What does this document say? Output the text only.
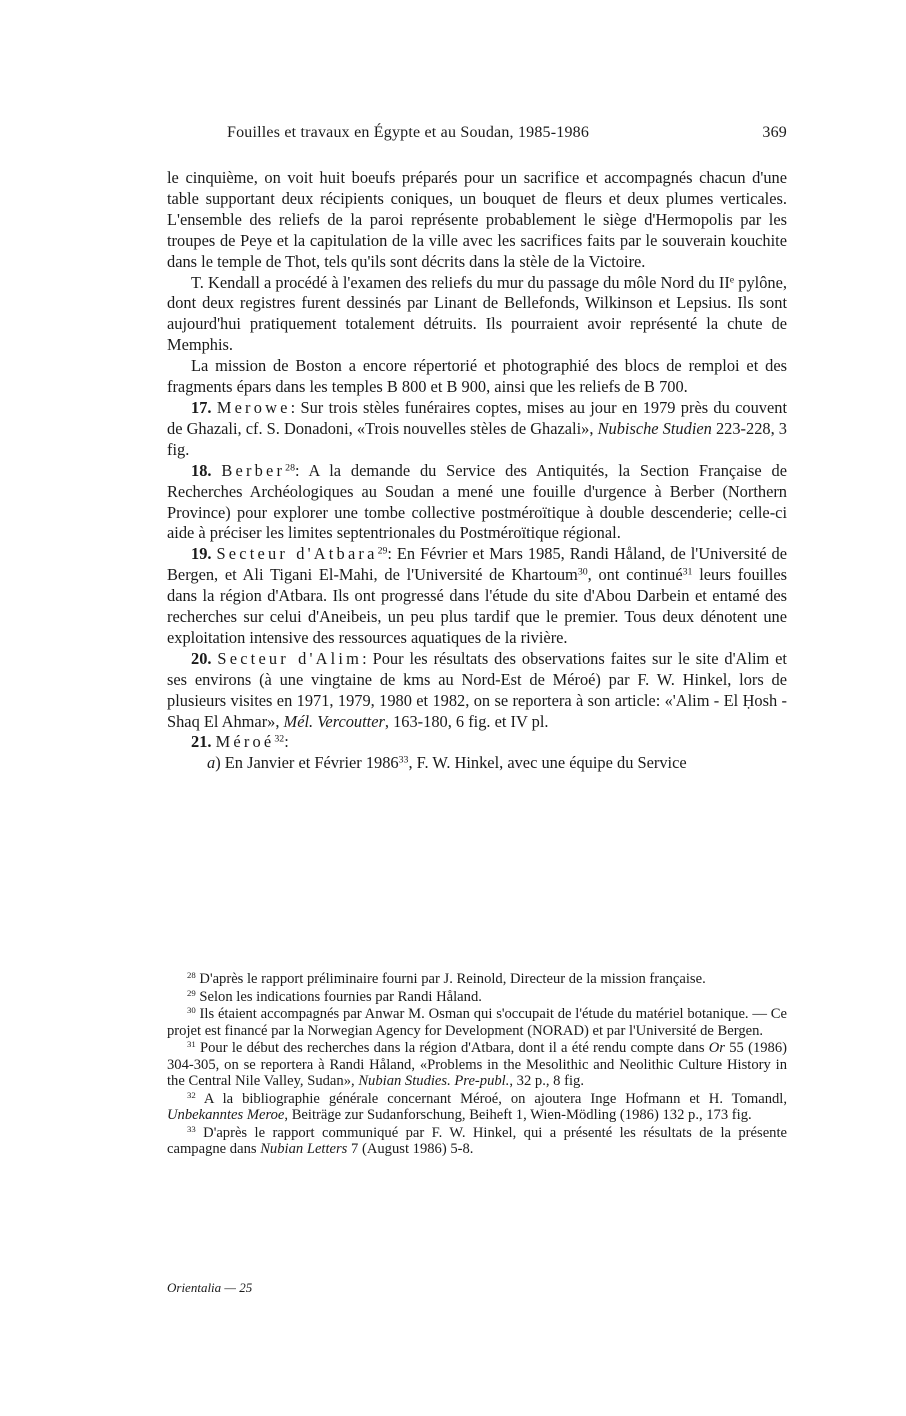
Fouilles et travaux en Égypte et au Soudan, 1985-1986	369

le cinquième, on voit huit boeufs préparés pour un sacrifice et accompagnés chacun d'une table supportant deux récipients coniques, un bouquet de fleurs et deux plumes verticales. L'ensemble des reliefs de la paroi représente probablement le siège d'Hermopolis par les troupes de Peye et la capitulation de la ville avec les sacrifices faits par le souverain kouchite dans le temple de Thot, tels qu'ils sont décrits dans la stèle de la Victoire.

T. Kendall a procédé à l'examen des reliefs du mur du passage du môle Nord du IIe pylône, dont deux registres furent dessinés par Linant de Bellefonds, Wilkinson et Lepsius. Ils sont aujourd'hui pratiquement totalement détruits. Ils pourraient avoir représenté la chute de Memphis.

La mission de Boston a encore répertorié et photographié des blocs de remploi et des fragments épars dans les temples B 800 et B 900, ainsi que les reliefs de B 700.

17. Merowe: Sur trois stèles funéraires coptes, mises au jour en 1979 près du couvent de Ghazali, cf. S. Donadoni, «Trois nouvelles stèles de Ghazali», Nubische Studien 223-228, 3 fig.

18. Berber$^{28}$: A la demande du Service des Antiquités, la Section Française de Recherches Archéologiques au Soudan a mené une fouille d'urgence à Berber (Northern Province) pour explorer une tombe collective postméroïtique à double descenderie; celle-ci aide à préciser les limites septentrionales du Postméroïtique régional.

19. Secteur d'Atbara$^{29}$: En Février et Mars 1985, Randi Håland, de l'Université de Bergen, et Ali Tigani El-Mahi, de l'Université de Khartoum$^{30}$, ont continué$^{31}$ leurs fouilles dans la région d'Atbara. Ils ont progressé dans l'étude du site d'Abou Darbein et entamé des recherches sur celui d'Aneibeis, un peu plus tardif que le premier. Tous deux dénotent une exploitation intensive des ressources aquatiques de la rivière.

20. Secteur d'Alim: Pour les résultats des observations faites sur le site d'Alim et ses environs (à une vingtaine de kms au Nord-Est de Méroé) par F. W. Hinkel, lors de plusieurs visites en 1971, 1979, 1980 et 1982, on se reportera à son article: «'Alim - El Ḥosh - Shaq El Ahmar», Mél. Vercoutter, 163-180, 6 fig. et IV pl.

21. Méroé$^{32}$:

a) En Janvier et Février 1986$^{33}$, F. W. Hinkel, avec une équipe du Service

$^{28}$ D'après le rapport préliminaire fourni par J. Reinold, Directeur de la mission française.

$^{29}$ Selon les indications fournies par Randi Håland.

$^{30}$ Ils étaient accompagnés par Anwar M. Osman qui s'occupait de l'étude du matériel botanique. — Ce projet est financé par la Norwegian Agency for Development (NORAD) et par l'Université de Bergen.

$^{31}$ Pour le début des recherches dans la région d'Atbara, dont il a été rendu compte dans Or 55 (1986) 304-305, on se reportera à Randi Håland, «Problems in the Mesolithic and Neolithic Culture History in the Central Nile Valley, Sudan», Nubian Studies. Pre-publ., 32 p., 8 fig.

$^{32}$ A la bibliographie générale concernant Méroé, on ajoutera Inge Hofmann et H. Tomandl, Unbekanntes Meroe, Beiträge zur Sudanforschung, Beiheft 1, Wien-Mödling (1986) 132 p., 173 fig.

$^{33}$ D'après le rapport communiqué par F. W. Hinkel, qui a présenté les résultats de la présente campagne dans Nubian Letters 7 (August 1986) 5-8.

Orientalia — 25
